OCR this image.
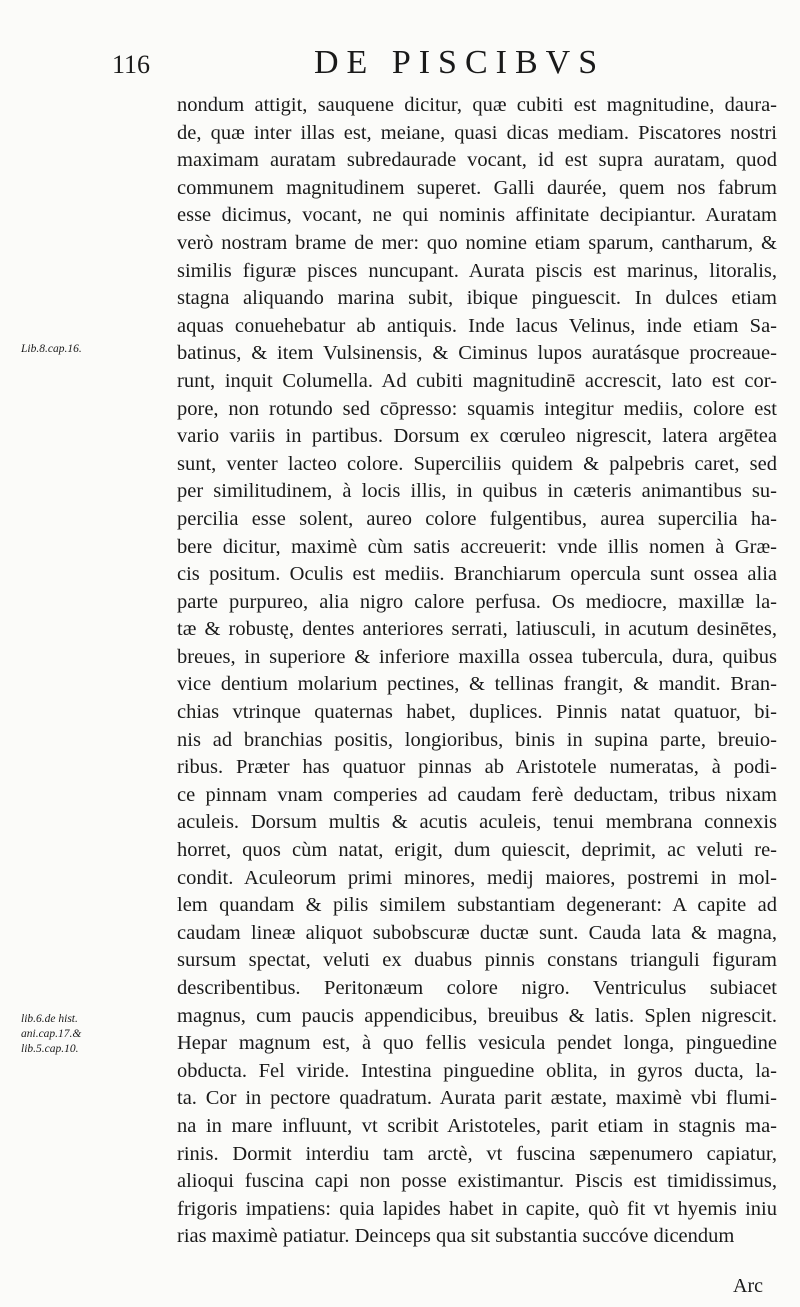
116	DE PISCIBVS
Lib.8.cap.16.
lib.6.de hist.
ani.cap.17.&
lib.5.cap.10.
nondum attigit, sauquene dicitur, quæ cubiti est magnitudine, daura-
de, quæ inter illas est, meiane, quasi dicas mediam. Piscatores nostri
maximam auratam subredaurade vocant, id est supra auratam, quod
communem magnitudinem superet. Galli daurée, quem nos fabrum
esse dicimus, vocant, ne qui nominis affinitate decipiantur. Auratam
verò nostram brame de mer: quo nomine etiam sparum, cantharum, &
similis figuræ pisces nuncupant. Aurata piscis est marinus, litoralis,
stagna aliquando marina subit, ibique pinguescit. In dulces etiam
aquas conuehebatur ab antiquis. Inde lacus Velinus, inde etiam Sa-
batinus, & item Vulsinensis, & Ciminus lupos auratásque procreaue-
runt, inquit Columella. Ad cubiti magnitudinē accrescit, lato est cor-
pore, non rotundo sed cōpresso: squamis integitur mediis, colore est
vario variis in partibus. Dorsum ex cœruleo nigrescit, latera argētea
sunt, venter lacteo colore. Superciliis quidem & palpebris caret, sed
per similitudinem, à locis illis, in quibus in cæteris animantibus su-
percilia esse solent, aureo colore fulgentibus, aurea supercilia ha-
bere dicitur, maximè cùm satis accreuerit: vnde illis nomen à Græ-
cis positum. Oculis est mediis. Branchiarum opercula sunt ossea alia
parte purpureo, alia nigro calore perfusa. Os mediocre, maxillæ la-
tæ & robustę, dentes anteriores serrati, latiusculi, in acutum desinētes,
breues, in superiore & inferiore maxilla ossea tubercula, dura, quibus
vice dentium molarium pectines, & tellinas frangit, & mandit. Bran-
chias vtrinque quaternas habet, duplices. Pinnis natat quatuor, bi-
nis ad branchias positis, longioribus, binis in supina parte, breuio-
ribus. Præter has quatuor pinnas ab Aristotele numeratas, à podi-
ce pinnam vnam comperies ad caudam ferè deductam, tribus nixam
aculeis. Dorsum multis & acutis aculeis, tenui membrana connexis
horret, quos cùm natat, erigit, dum quiescit, deprimit, ac veluti re-
condit. Aculeorum primi minores, medij maiores, postremi in mol-
lem quandam & pilis similem substantiam degenerant: A capite ad
caudam lineæ aliquot subobscuræ ductæ sunt. Cauda lata & magna,
sursum spectat, veluti ex duabus pinnis constans trianguli figuram
describentibus. Peritonæum colore nigro. Ventriculus subiacet
magnus, cum paucis appendicibus, breuibus & latis. Splen nigrescit.
Hepar magnum est, à quo fellis vesicula pendet longa, pinguedine
obducta. Fel viride. Intestina pinguedine oblita, in gyros ducta, la-
ta. Cor in pectore quadratum. Aurata parit æstate, maximè vbi flumi-
na in mare influunt, vt scribit Aristoteles, parit etiam in stagnis ma-
rinis. Dormit interdiu tam arctè, vt fuscina sæpenumero capiatur,
alioqui fuscina capi non posse existimantur. Piscis est timidissimus,
frigoris impatiens: quia lapides habet in capite, quò fit vt hyemis iniu
rias maximè patiatur. Deinceps qua sit substantia succóve dicendum
Arc
